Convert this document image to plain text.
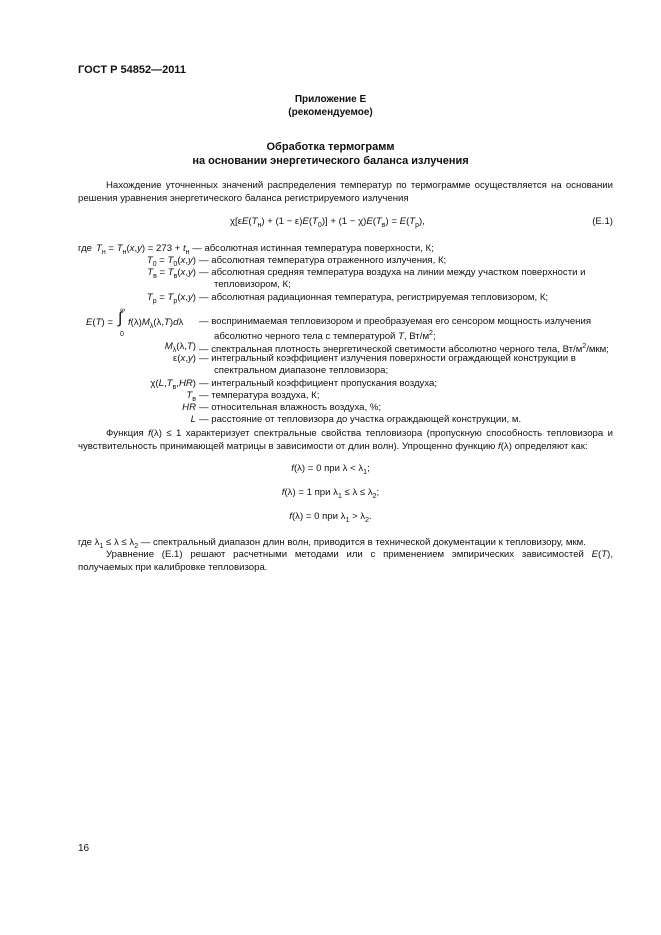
ГОСТ Р 54852—2011
Приложение Е
(рекомендуемое)
Обработка термограмм
на основании энергетического баланса излучения
Нахождение уточненных значений распределения температур по термограмме осуществляется на основании решения уравнения энергетического баланса регистрируемого излучения
$\chi[\varepsilon E(T_н) + (1 - \varepsilon)E(T_0)] + (1 - \chi)E(T_в) = E(T_р)$,	(Е.1)
где $T_н = T_н(x,y) = 273 + t_н$ — абсолютная истинная температура поверхности, К;
$T_0 = T_0(x,y)$ — абсолютная температура отраженного излучения, К;
$T_в = T_в(x,y)$ — абсолютная средняя температура воздуха на линии между участком поверхности и
тепловизором, К;
$T_р = T_р(x,y)$ — абсолютная радиационная температура, регистрируемая тепловизором, К;
E(T) =
∞
∫
0
$f(\lambda)M_\lambda(\lambda,T)d\lambda$ — воспринимаемая тепловизором и преобразуемая его сенсором мощность излучения
абсолютно черного тела с температурой T, $Вт/м^2$;
$M_\lambda(\lambda,T)$ — спектральная плотность энергетической светимости абсолютно черного тела, $Вт/м^2$/мкм;
ε(x,y) — интегральный коэффициент излучения поверхности ограждающей конструкции в
спектральном диапазоне тепловизора;
$\chi(L,T_в,HR)$ — интегральный коэффициент пропускания воздуха;
$T_в$ — температура воздуха, К;
HR — относительная влажность воздуха, %;
L — расстояние от тепловизора до участка ограждающей конструкции, м.
Функция f(λ) ≤ 1 характеризует спектральные свойства тепловизора (пропускную способность тепловизора и чувствительность принимающей матрицы в зависимости от длин волн). Упрощенно функцию f(λ) определяют как:
f(λ) = 0 при $\lambda < \lambda_1$;
f(λ) = 1 при $\lambda_1 \le \lambda \le \lambda_2$;
f(λ) = 0 при $\lambda_1 > \lambda_2$.
где $\lambda_1 \le \lambda \le \lambda_2$ — спектральный диапазон длин волн, приводится в технической документации к тепловизору, мкм.
Уравнение (Е.1) решают расчетными методами или с применением эмпирических зависимостей E(T), получаемых при калибровке тепловизора.
16
